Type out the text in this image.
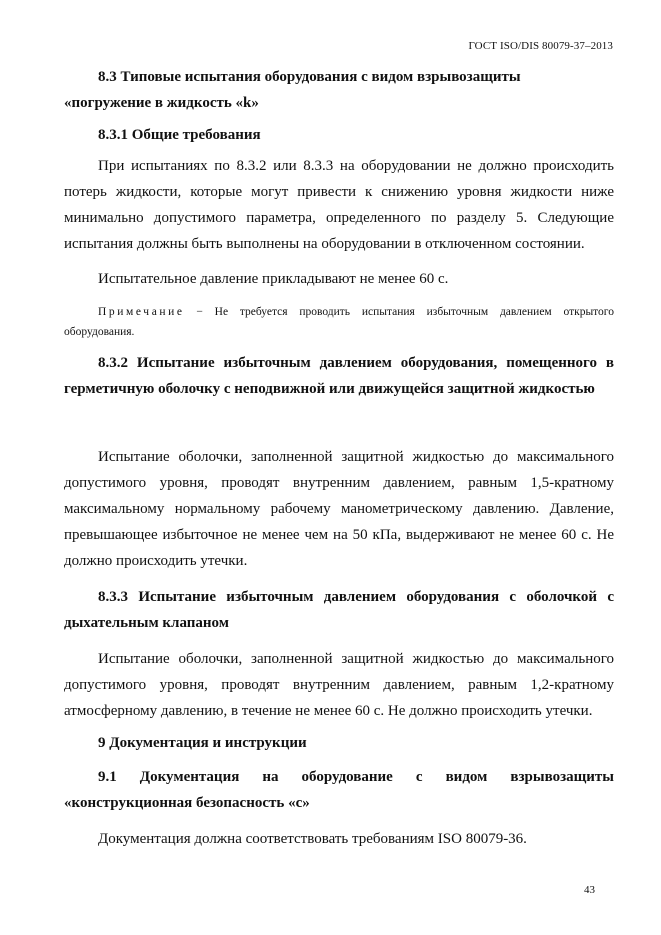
ГОСТ ISO/DIS 80079-37–2013

8.3 Типовые испытания оборудования с видом взрывозащиты

«погружение в жидкость «k»

8.3.1 Общие требования

При испытаниях по 8.3.2 или 8.3.3 на оборудовании не должно происходить потерь жидкости, которые могут привести к снижению уровня жидкости ниже минимально допустимого параметра, определенного по разделу 5. Следующие испытания должны быть выполнены на оборудовании в отключенном состоянии.

Испытательное давление прикладывают не менее 60 с.

Примечание − Не требуется проводить испытания избыточным давлением открытого оборудования.

8.3.2 Испытание избыточным давлением оборудования, помещенного в герметичную оболочку с неподвижной или движущейся защитной жидкостью

Испытание оболочки, заполненной защитной жидкостью до максимального допустимого уровня, проводят внутренним давлением, равным 1,5-кратному максимальному нормальному рабочему манометрическому давлению. Давление, превышающее избыточное не менее чем на 50 кПа, выдерживают не менее 60 с. Не должно происходить утечки.

8.3.3 Испытание избыточным давлением оборудования с оболочкой с дыхательным клапаном

Испытание оболочки, заполненной защитной жидкостью до максимального допустимого уровня, проводят внутренним давлением, равным 1,2-кратному атмосферному давлению, в течение не менее 60 с. Не должно происходить утечки.

9 Документация и инструкции

9.1 Документация на оборудование с видом взрывозащиты «конструкционная безопасность «с»

Документация должна соответствовать требованиям ISO 80079-36.

43
